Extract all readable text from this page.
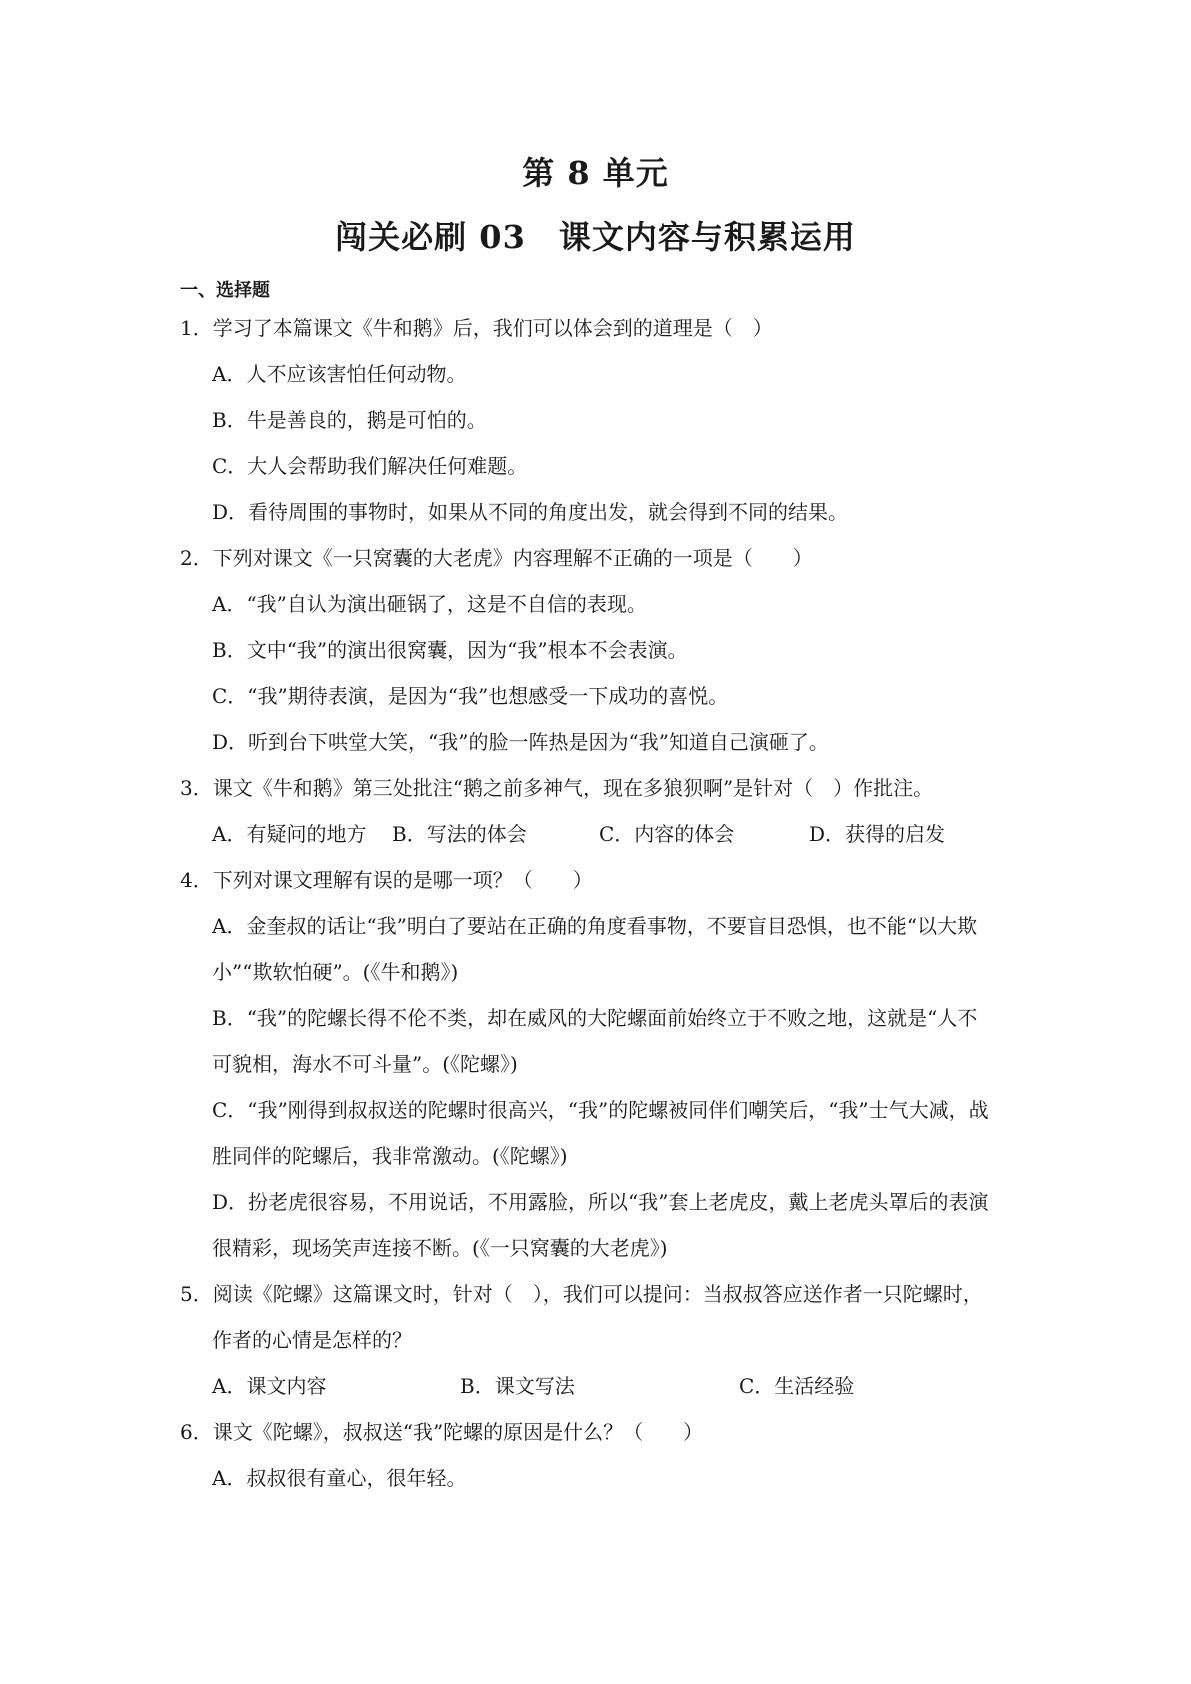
第 8 单元
闯关必刷 03　课文内容与积累运用
一、选择题
1．学习了本篇课文《牛和鹅》后，我们可以体会到的道理是（　）
A．人不应该害怕任何动物。
B．牛是善良的，鹅是可怕的。
C．大人会帮助我们解决任何难题。
D．看待周围的事物时，如果从不同的角度出发，就会得到不同的结果。
2．下列对课文《一只窝囊的大老虎》内容理解不正确的一项是（　　）
A．“我”自认为演出砸锅了，这是不自信的表现。
B．文中“我”的演出很窝囊，因为“我”根本不会表演。
C．“我”期待表演，是因为“我”也想感受一下成功的喜悦。
D．听到台下哄堂大笑，“我”的脸一阵热是因为“我”知道自己演砸了。
3．课文《牛和鹅》第三处批注“鹅之前多神气，现在多狼狈啊”是针对（　）作批注。
A．有疑问的地方 B．写法的体会	C．内容的体会	D．获得的启发
4．下列对课文理解有误的是哪一项？（　　）
A．金奎叔的话让“我”明白了要站在正确的角度看事物，不要盲目恐惧，也不能“以大欺
小”“欺软怕硬”。(《牛和鹅》)
B．“我”的陀螺长得不伦不类，却在威风的大陀螺面前始终立于不败之地，这就是“人不
可貌相，海水不可斗量”。(《陀螺》)
C．“我”刚得到叔叔送的陀螺时很高兴，“我”的陀螺被同伴们嘲笑后，“我”士气大减，战
胜同伴的陀螺后，我非常激动。(《陀螺》)
D．扮老虎很容易，不用说话，不用露脸，所以“我”套上老虎皮，戴上老虎头罩后的表演
很精彩，现场笑声连接不断。(《一只窝囊的大老虎》)
5．阅读《陀螺》这篇课文时，针对（　），我们可以提问：当叔叔答应送作者一只陀螺时，
作者的心情是怎样的？
A．课文内容	B．课文写法	C．生活经验
6．课文《陀螺》，叔叔送“我”陀螺的原因是什么？（　　）
A．叔叔很有童心，很年轻。
